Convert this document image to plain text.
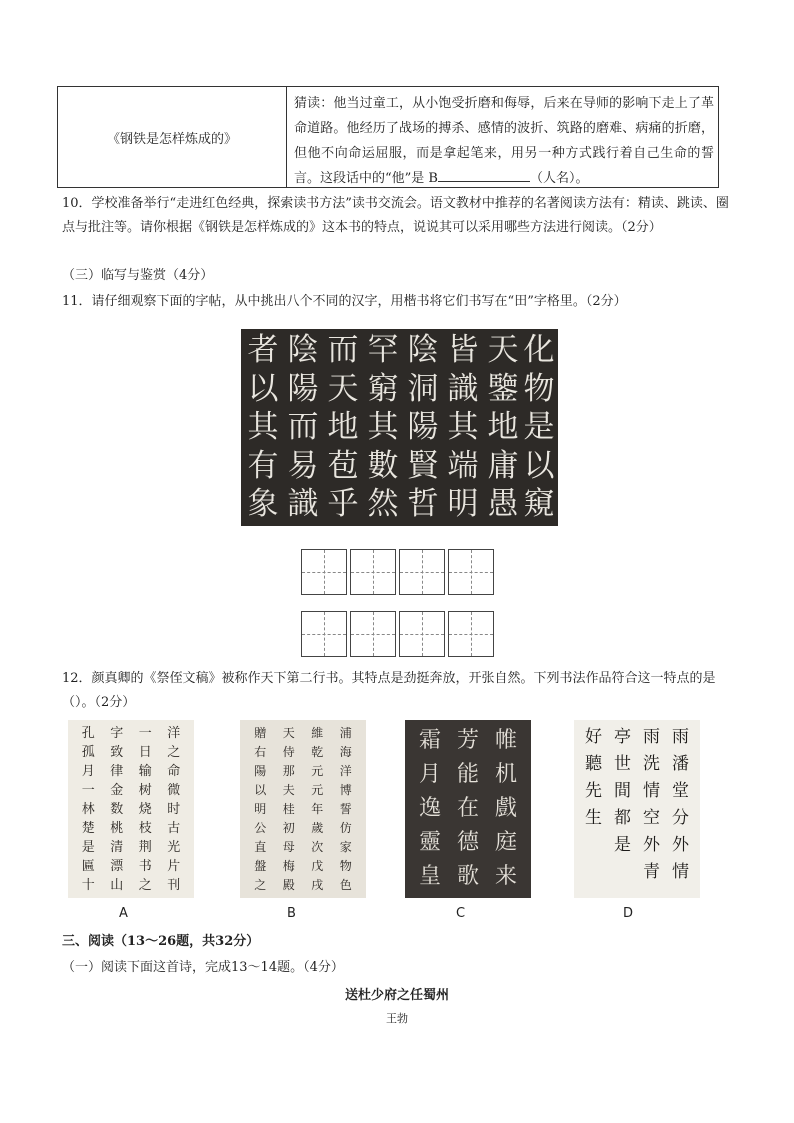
《钢铁是怎样炼成的》
猜读：他当过童工，从小饱受折磨和侮辱，后来在导师的影响下走上了革命道路。他经历了战场的搏杀、感情的波折、筑路的磨难、病痛的折磨，但他不向命运屈服，而是拿起笔来，用另一种方式践行着自己生命的誓言。这段话中的“他”是 B	（人名）。
10．学校准备举行“走进红色经典，探索读书方法”读书交流会。语文教材中推荐的名著阅读方法有：精读、跳读、圈点与批注等。请你根据《钢铁是怎样炼成的》这本书的特点，说说其可以采用哪些方法进行阅读。（2分）
（三）临写与鉴赏（4分）
11．请仔细观察下面的字帖，从中挑出八个不同的汉字，用楷书将它们书写在“田”字格里。（2分）
者
以
其
有
象
陰
陽
而
易
識
而
天
地
苞
乎
罕
窮
其
數
然
陰
洞
陽
賢
哲
皆
識
其
端
明
天
鑒
地
庸
愚
化
物
是
以
窺
12．颜真卿的《祭侄文稿》被称作天下第二行书。其特点是劲挺奔放，开张自然。下列书法作品符合这一特点的是（）。（2分）
孔
孤
月
一
林
楚
是
匾
十
字
致
律
金
数
桃
清
漂
山
一
日
输
树
烧
枝
荆
书
之
洋
之
命
微
时
古
光
片
刊
贈
右
陽
以
明
公
直
盤
之
天
侍
那
夫
桂
初
母
梅
殿
維
乾
元
元
年
歲
次
戊
戌
浦
海
洋
博
誓
仿
家
物
色
霜
月
逸
靈
皇
芳
能
在
德
歌
帷
机
戲
庭
来
好
聽
先
生
亭
世
間
都
是
雨
洗
情
空
外
青
雨
潘
堂
分
外
情
A	B	C	D
三、阅读（13～26题，共32分）
（一）阅读下面这首诗，完成13～14题。（4分）
送杜少府之任蜀州
王勃
